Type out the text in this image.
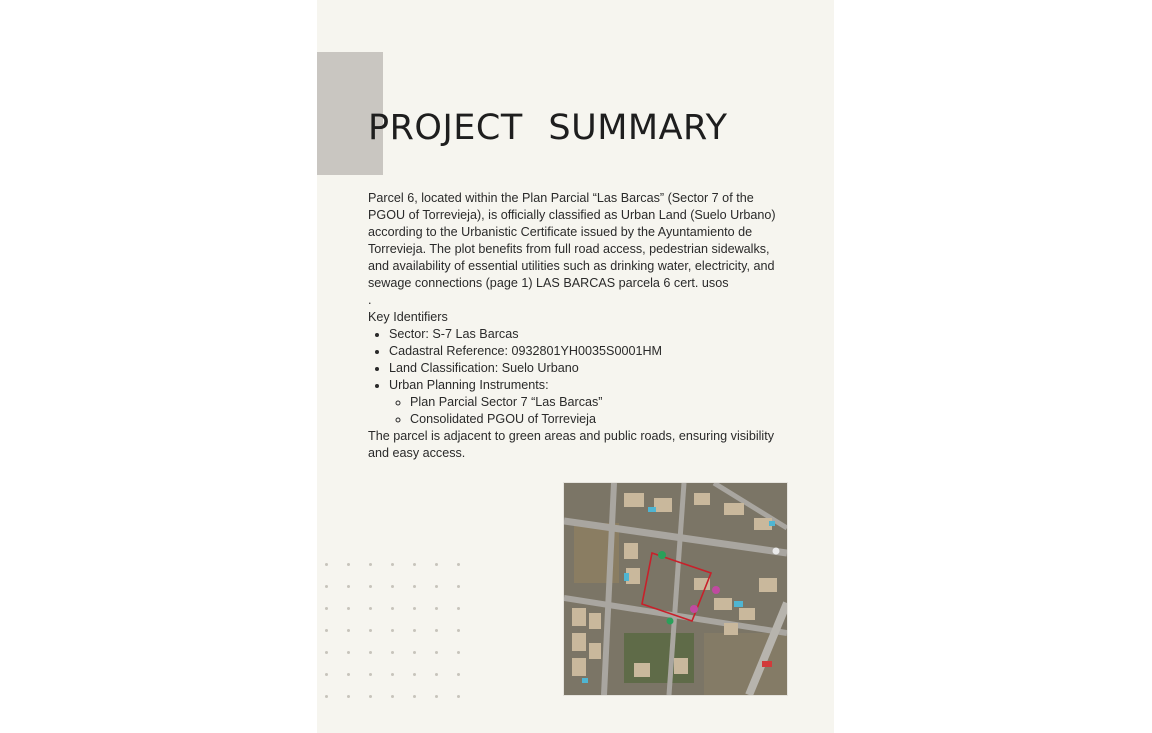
PROJECT SUMMARY

Parcel 6, located within the Plan Parcial “Las Barcas” (Sector 7 of the PGOU of Torrevieja), is officially classified as Urban Land (Suelo Urbano) according to the Urbanistic Certificate issued by the Ayuntamiento de Torrevieja. The plot benefits from full road access, pedestrian sidewalks, and availability of essential utilities such as drinking water, electricity, and sewage connections (page 1) LAS BARCAS parcela 6 cert. usos

.

Key Identifiers

• Sector: S-7 Las Barcas
• Cadastral Reference: 0932801YH0035S0001HM
• Land Classification: Suelo Urbano
• Urban Planning Instruments:
◦ Plan Parcial Sector 7 “Las Barcas”
◦ Consolidated PGOU of Torrevieja

The parcel is adjacent to green areas and public roads, ensuring visibility and easy access.
